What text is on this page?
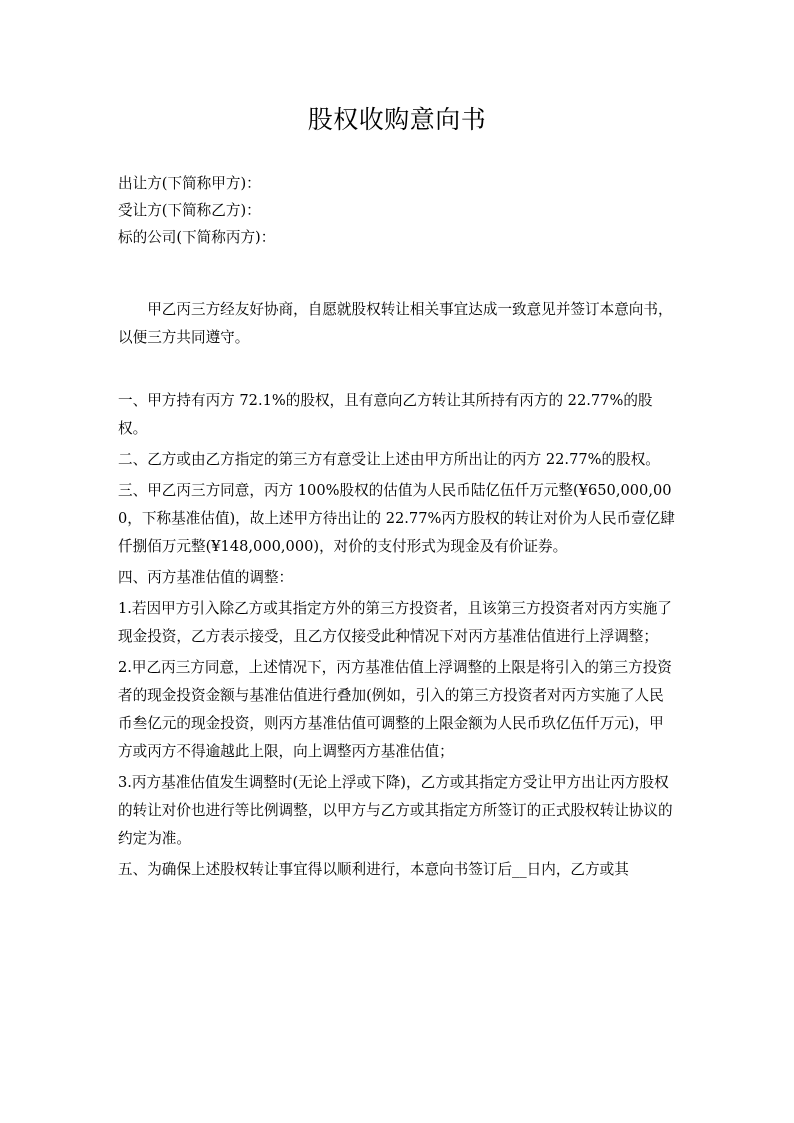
股权收购意向书

出让方(下简称甲方)：

受让方(下简称乙方)：

标的公司(下简称丙方)：

甲乙丙三方经友好协商，自愿就股权转让相关事宜达成一致意见并签订本意向书，以便三方共同遵守。

一、甲方持有丙方 72.1%的股权，且有意向乙方转让其所持有丙方的 22.77%的股权。

二、乙方或由乙方指定的第三方有意受让上述由甲方所出让的丙方 22.77%的股权。

三、甲乙丙三方同意，丙方 100%股权的估值为人民币陆亿伍仟万元整(¥650,000,000，下称基准估值)，故上述甲方待出让的 22.77%丙方股权的转让对价为人民币壹亿肆仟捌佰万元整(¥148,000,000)，对价的支付形式为现金及有价证券。

四、丙方基准估值的调整：

1.若因甲方引入除乙方或其指定方外的第三方投资者，且该第三方投资者对丙方实施了现金投资，乙方表示接受，且乙方仅接受此种情况下对丙方基准估值进行上浮调整；

2.甲乙丙三方同意，上述情况下，丙方基准估值上浮调整的上限是将引入的第三方投资者的现金投资金额与基准估值进行叠加(例如，引入的第三方投资者对丙方实施了人民币叁亿元的现金投资，则丙方基准估值可调整的上限金额为人民币玖亿伍仟万元)，甲方或丙方不得逾越此上限，向上调整丙方基准估值；

3.丙方基准估值发生调整时(无论上浮或下降)，乙方或其指定方受让甲方出让丙方股权的转让对价也进行等比例调整，以甲方与乙方或其指定方所签订的正式股权转让协议的约定为准。

五、为确保上述股权转让事宜得以顺利进行，本意向书签订后__日内，乙方或其
